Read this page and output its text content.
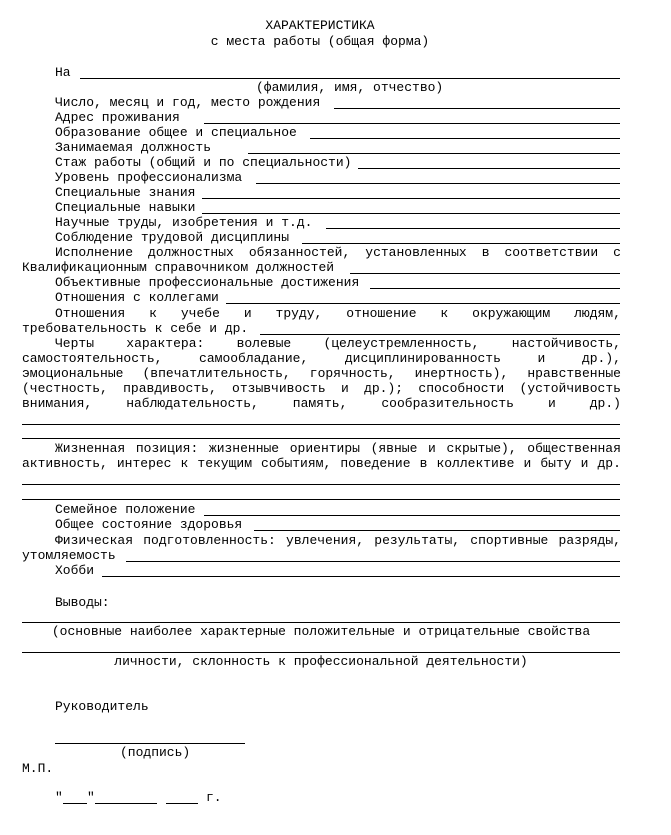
ХАРАКТЕРИСТИКА
с места работы (общая форма)
На
(фамилия, имя, отчество)
Число, месяц и год, место рождения
Адрес проживания
Образование общее и специальное
Занимаемая должность
Стаж работы (общий и по специальности)
Уровень профессионализма
Специальные знания
Специальные навыки
Научные труды, изобретения и т.д.
Соблюдение трудовой дисциплины
Исполнение должностных обязанностей, установленных в соответствии с
Квалификационным справочником должностей
Объективные профессиональные достижения
Отношения с коллегами
Отношения к учебе и труду, отношение к окружающим людям,
требовательность к себе и др.
Черты характера: волевые (целеустремленность, настойчивость,
самостоятельность,	самообладание,	дисциплинированность	и	др.),
эмоциональные (впечатлительность, горячность, инертность), нравственные
(честность, правдивость, отзывчивость и др.); способности (устойчивость
внимания,	наблюдательность,	память,	сообразительность	и	др.)
Жизненная позиция: жизненные ориентиры (явные и скрытые), общественная
активность, интерес к текущим событиям, поведение в коллективе и быту и др.
Семейное положение
Общее состояние здоровья
Физическая подготовленность: увлечения, результаты, спортивные разряды,
утомляемость
Хобби
Выводы:
(основные наиболее характерные положительные и отрицательные свойства
личности, склонность к профессиональной деятельности)
Руководитель
(подпись)
М.П.
" "	г.
